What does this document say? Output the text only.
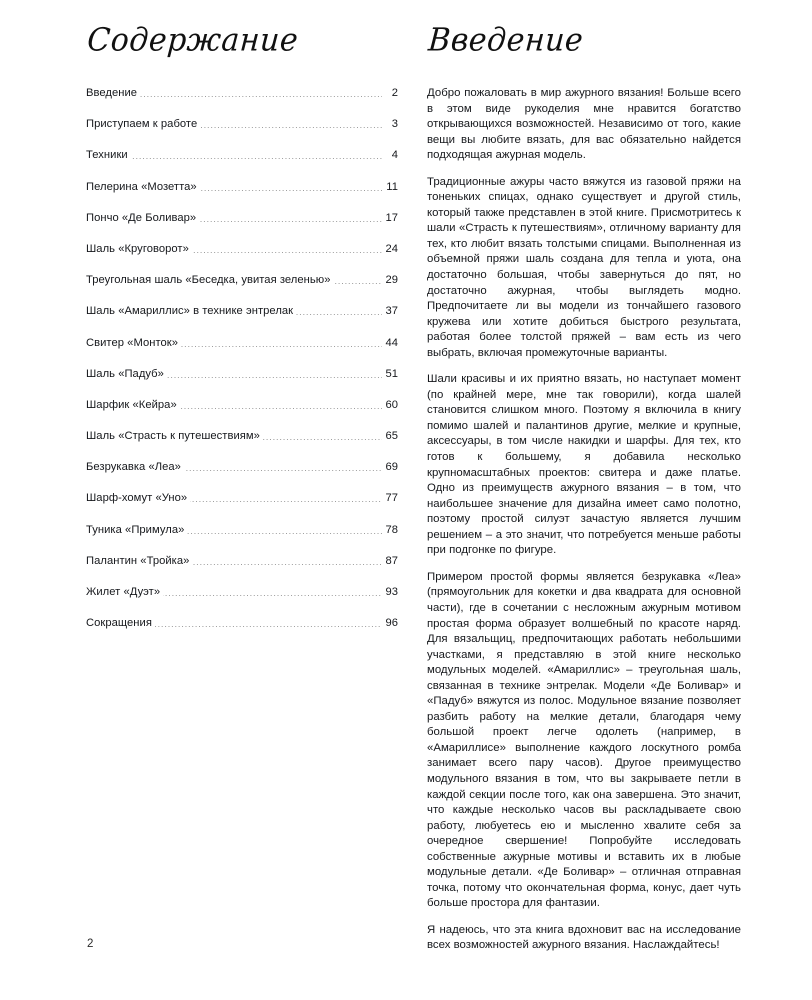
Содержание
Введение	2
Приступаем к работе	3
Техники	4
Пелерина «Мозетта»	11
Пончо «Де Боливар»	17
Шаль «Круговорот»	24
Треугольная шаль «Беседка, увитая зеленью»	29
Шаль «Амариллис» в технике энтрелак	37
Свитер «Монток»	44
Шаль «Падуб»	51
Шарфик «Кейра»	60
Шаль «Страсть к путешествиям»	65
Безрукавка «Леа»	69
Шарф-хомут «Уно»	77
Туника «Примула»	78
Палантин «Тройка»	87
Жилет «Дуэт»	93
Сокращения	96
Введение

Добро пожаловать в мир ажурного вязания! Больше всего в этом виде рукоделия мне нравится богатство открывающихся возможностей. Независимо от того, какие вещи вы любите вязать, для вас обязательно найдется подходящая ажурная модель.

Традиционные ажуры часто вяжутся из газовой пряжи на тоненьких спицах, однако существует и другой стиль, который также представлен в этой книге. Присмотритесь к шали «Страсть к путешествиям», отличному варианту для тех, кто любит вязать толстыми спицами. Выполненная из объемной пряжи шаль создана для тепла и уюта, она достаточно большая, чтобы завернуться до пят, но достаточно ажурная, чтобы выглядеть модно. Предпочитаете ли вы модели из тончайшего газового кружева или хотите добиться быстрого результата, работая более толстой пряжей – вам есть из чего выбрать, включая промежуточные варианты.

Шали красивы и их приятно вязать, но наступает момент (по крайней мере, мне так говорили), когда шалей становится слишком много. Поэтому я включила в книгу помимо шалей и палантинов другие, мелкие и крупные, аксессуары, в том числе накидки и шарфы. Для тех, кто готов к большему, я добавила несколько крупномасштабных проектов: свитера и даже платье. Одно из преимуществ ажурного вязания – в том, что наибольшее значение для дизайна имеет само полотно, поэтому простой силуэт зачастую является лучшим решением – а это значит, что потребуется меньше работы при подгонке по фигуре.

Примером простой формы является безрукавка «Леа» (прямоугольник для кокетки и два квадрата для основной части), где в сочетании с несложным ажурным мотивом простая форма образует волшебный по красоте наряд. Для вязальщиц, предпочитающих работать небольшими участками, я представляю в этой книге несколько модульных моделей. «Амариллис» – треугольная шаль, связанная в технике энтрелак. Модели «Де Боливар» и «Падуб» вяжутся из полос. Модульное вязание позволяет разбить работу на мелкие детали, благодаря чему большой проект легче одолеть (например, в «Амариллисе» выполнение каждого лоскутного ромба занимает всего пару часов). Другое преимущество модульного вязания в том, что вы закрываете петли в каждой секции после того, как она завершена. Это значит, что каждые несколько часов вы раскладываете свою работу, любуетесь ею и мысленно хвалите себя за очередное свершение! Попробуйте исследовать собственные ажурные мотивы и вставить их в любые модульные детали. «Де Боливар» – отличная отправная точка, потому что окончательная форма, конус, дает чуть больше простора для фантазии.

Я надеюсь, что эта книга вдохновит вас на исследование всех возможностей ажурного вязания. Наслаждайтесь!

2
